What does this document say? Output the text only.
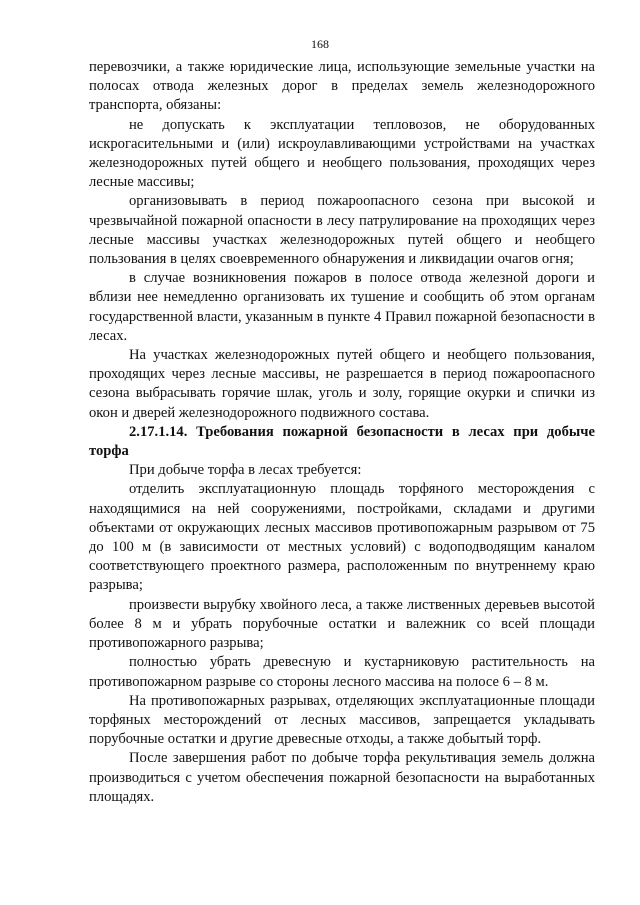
168

перевозчики, а также юридические лица, использующие земельные участки на полосах отвода железных дорог в пределах земель железнодорожного транспорта, обязаны:

не допускать к эксплуатации тепловозов, не оборудованных искрогасительными и (или) искроулавливающими устройствами на участках железнодорожных путей общего и необщего пользования, проходящих через лесные массивы;

организовывать в период пожароопасного сезона при высокой и чрезвычайной пожарной опасности в лесу патрулирование на проходящих через лесные массивы участках железнодорожных путей общего и необщего пользования в целях своевременного обнаружения и ликвидации очагов огня;

в случае возникновения пожаров в полосе отвода железной дороги и вблизи нее немедленно организовать их тушение и сообщить об этом органам государственной власти, указанным в пункте 4 Правил пожарной безопасности в лесах.

На участках железнодорожных путей общего и необщего пользования, проходящих через лесные массивы, не разрешается в период пожароопасного сезона выбрасывать горячие шлак, уголь и золу, горящие окурки и спички из окон и дверей железнодорожного подвижного состава.

2.17.1.14. Требования пожарной безопасности в лесах при добыче торфа

При добыче торфа в лесах требуется:

отделить эксплуатационную площадь торфяного месторождения с находящимися на ней сооружениями, постройками, складами и другими объектами от окружающих лесных массивов противопожарным разрывом от 75 до 100 м (в зависимости от местных условий) с водоподводящим каналом соответствующего проектного размера, расположенным по внутреннему краю разрыва;

произвести вырубку хвойного леса, а также лиственных деревьев высотой более 8 м и убрать порубочные остатки и валежник со всей площади противопожарного разрыва;

полностью убрать древесную и кустарниковую растительность на противопожарном разрыве со стороны лесного массива на полосе 6 – 8 м.

На противопожарных разрывах, отделяющих эксплуатационные площади торфяных месторождений от лесных массивов, запрещается укладывать порубочные остатки и другие древесные отходы, а также добытый торф.

После завершения работ по добыче торфа рекультивация земель должна производиться с учетом обеспечения пожарной безопасности на выработанных площадях.
